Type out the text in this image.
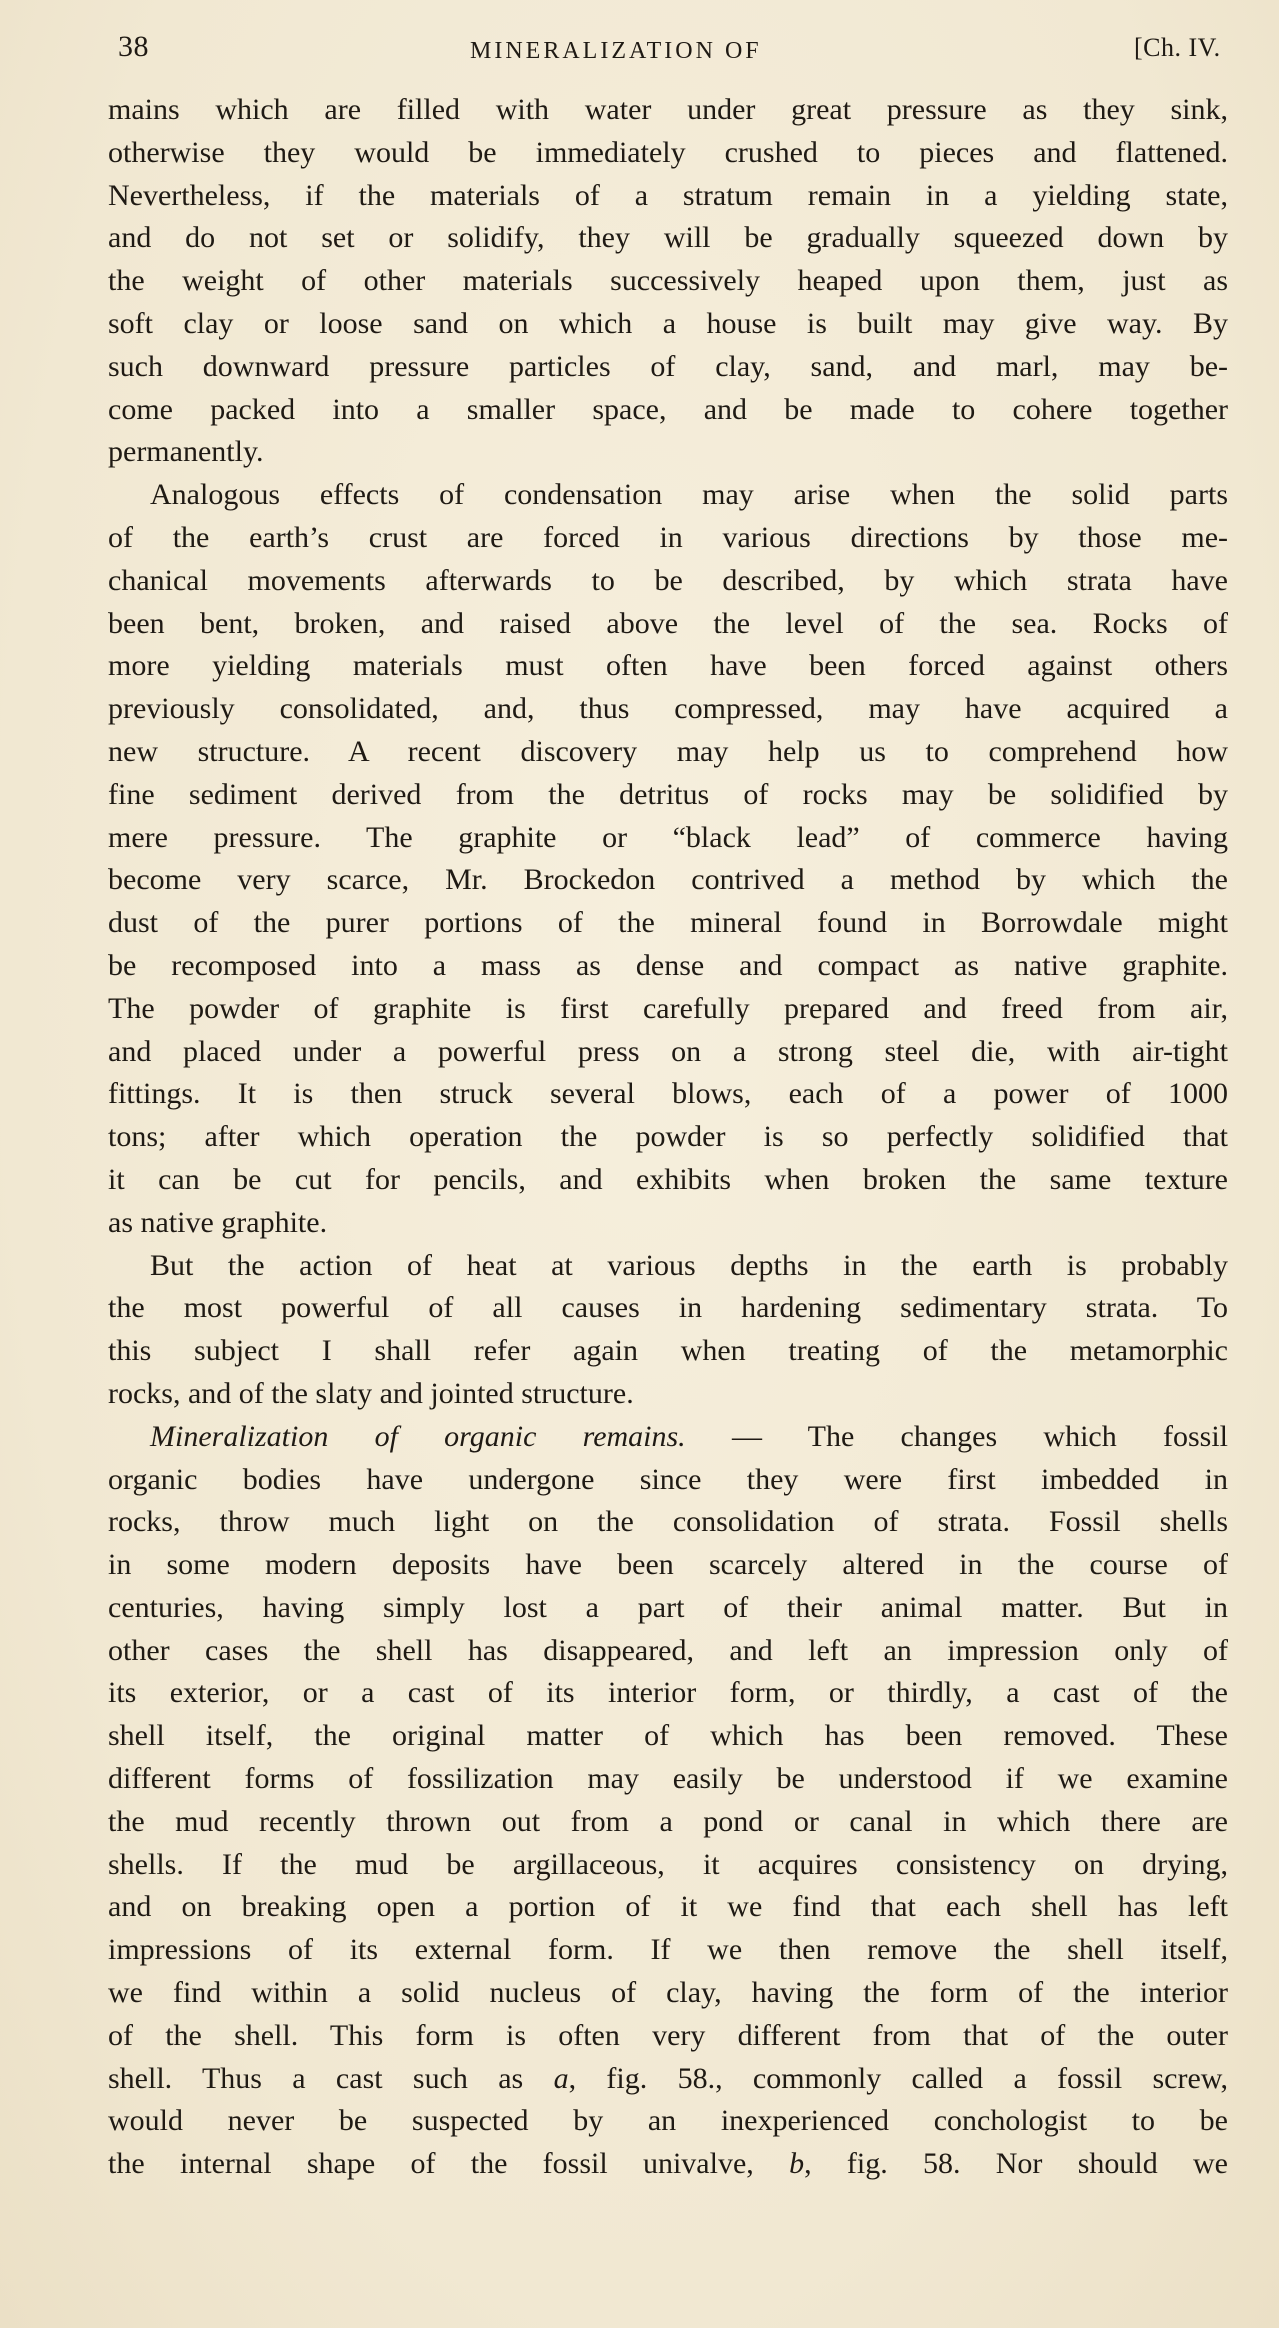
38	MINERALIZATION OF	[Ch. IV.
mains which are filled with water under great pressure as they sink,
otherwise they would be immediately crushed to pieces and flattened.
Nevertheless, if the materials of a stratum remain in a yielding state,
and do not set or solidify, they will be gradually squeezed down by
the weight of other materials successively heaped upon them, just as
soft clay or loose sand on which a house is built may give way. By
such downward pressure particles of clay, sand, and marl, may be-
come packed into a smaller space, and be made to cohere together
permanently.
Analogous effects of condensation may arise when the solid parts
of the earth’s crust are forced in various directions by those me-
chanical movements afterwards to be described, by which strata have
been bent, broken, and raised above the level of the sea. Rocks of
more yielding materials must often have been forced against others
previously consolidated, and, thus compressed, may have acquired a
new structure. A recent discovery may help us to comprehend how
fine sediment derived from the detritus of rocks may be solidified by
mere pressure. The graphite or “black lead” of commerce having
become very scarce, Mr. Brockedon contrived a method by which the
dust of the purer portions of the mineral found in Borrowdale might
be recomposed into a mass as dense and compact as native graphite.
The powder of graphite is first carefully prepared and freed from air,
and placed under a powerful press on a strong steel die, with air-tight
fittings. It is then struck several blows, each of a power of 1000
tons; after which operation the powder is so perfectly solidified that
it can be cut for pencils, and exhibits when broken the same texture
as native graphite.
But the action of heat at various depths in the earth is probably
the most powerful of all causes in hardening sedimentary strata. To
this subject I shall refer again when treating of the metamorphic
rocks, and of the slaty and jointed structure.
Mineralization of organic remains. — The changes which fossil
organic bodies have undergone since they were first imbedded in
rocks, throw much light on the consolidation of strata. Fossil shells
in some modern deposits have been scarcely altered in the course of
centuries, having simply lost a part of their animal matter. But in
other cases the shell has disappeared, and left an impression only of
its exterior, or a cast of its interior form, or thirdly, a cast of the
shell itself, the original matter of which has been removed. These
different forms of fossilization may easily be understood if we examine
the mud recently thrown out from a pond or canal in which there are
shells. If the mud be argillaceous, it acquires consistency on drying,
and on breaking open a portion of it we find that each shell has left
impressions of its external form. If we then remove the shell itself,
we find within a solid nucleus of clay, having the form of the interior
of the shell. This form is often very different from that of the outer
shell. Thus a cast such as a, fig. 58., commonly called a fossil screw,
would never be suspected by an inexperienced conchologist to be
the internal shape of the fossil univalve, b, fig. 58. Nor should we
